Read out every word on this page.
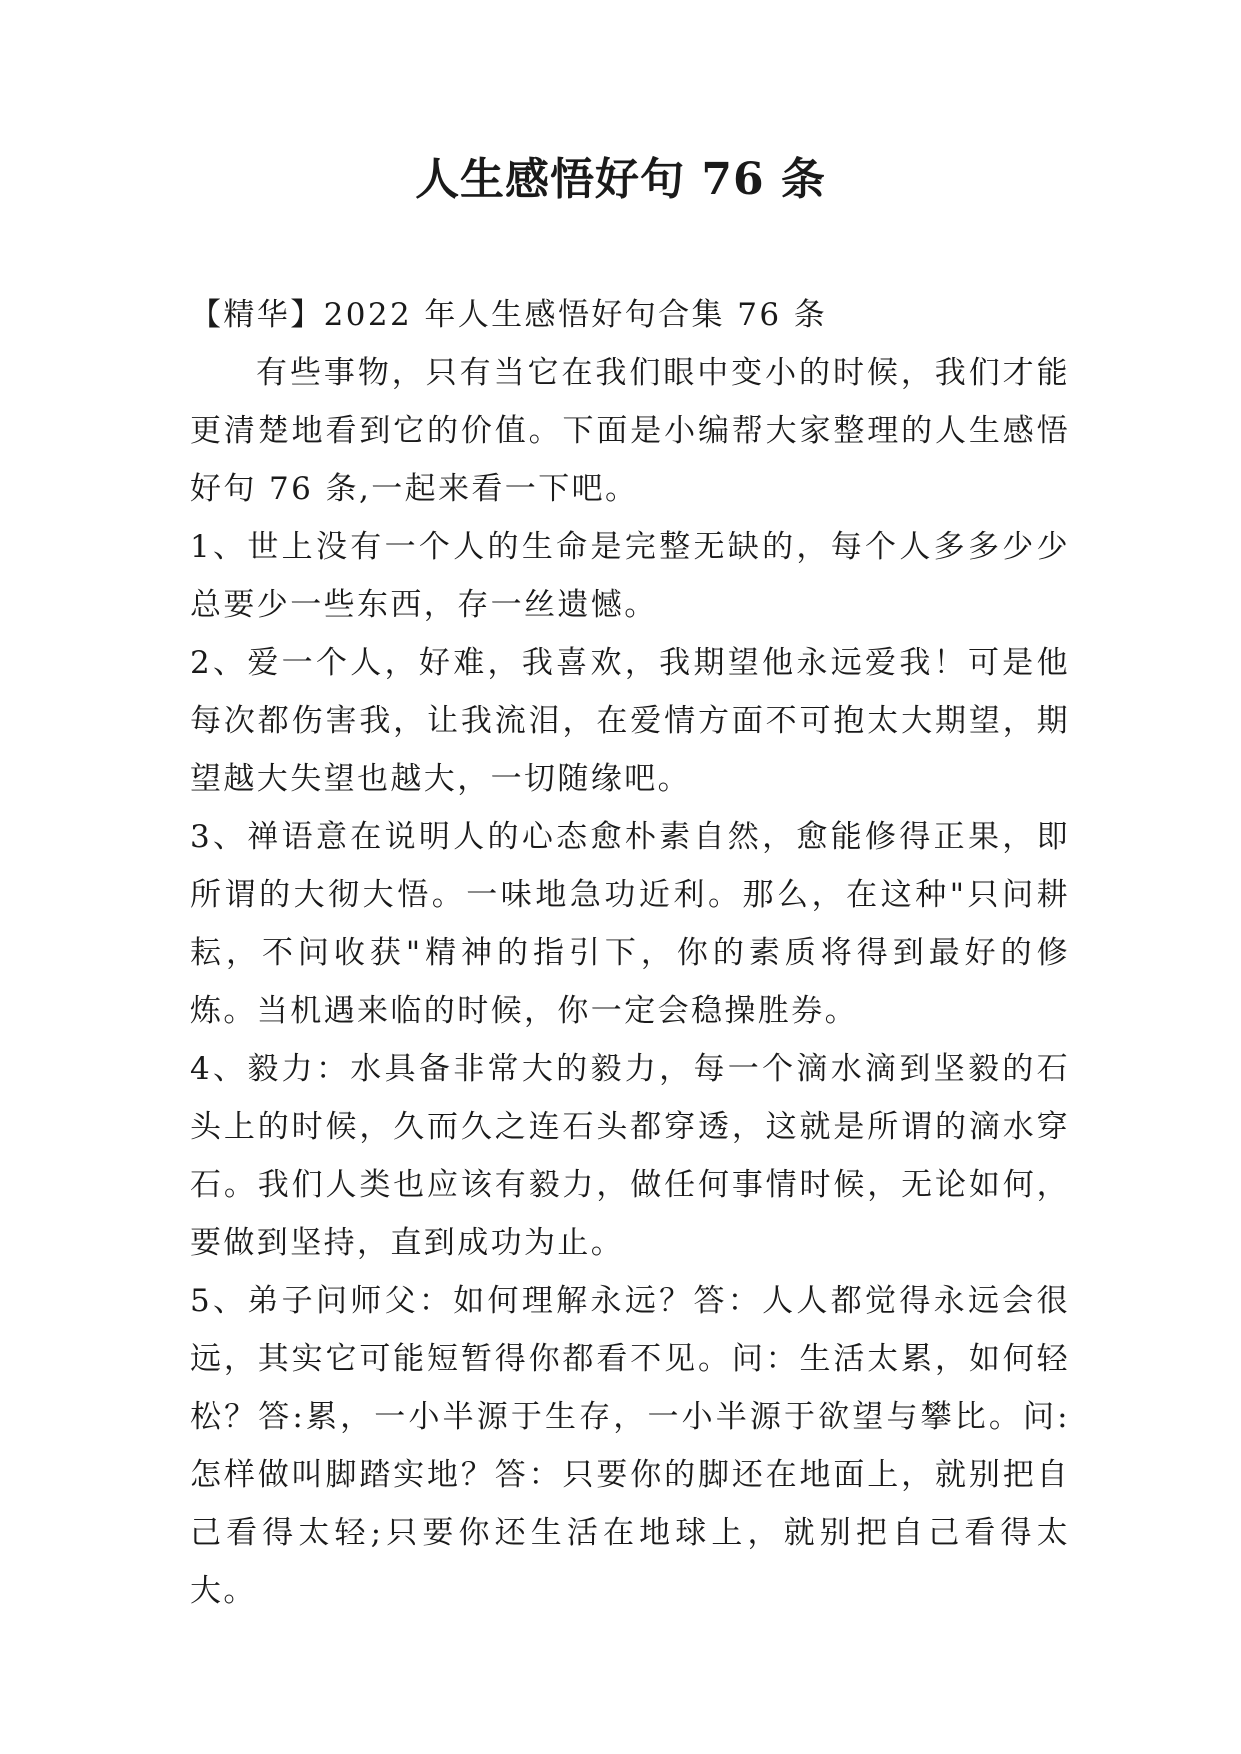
人生感悟好句 76 条

【精华】2022 年人生感悟好句合集 76 条

有些事物，只有当它在我们眼中变小的时候，我们才能更清楚地看到它的价值。下面是小编帮大家整理的人生感悟好句 76 条,一起来看一下吧。

1、世上没有一个人的生命是完整无缺的，每个人多多少少总要少一些东西，存一丝遗憾。

2、爱一个人，好难，我喜欢，我期望他永远爱我！可是他每次都伤害我，让我流泪，在爱情方面不可抱太大期望，期望越大失望也越大，一切随缘吧。

3、禅语意在说明人的心态愈朴素自然，愈能修得正果，即所谓的大彻大悟。一味地急功近利。那么，在这种"只问耕耘，不问收获"精神的指引下，你的素质将得到最好的修炼。当机遇来临的时候，你一定会稳操胜券。

4、毅力：水具备非常大的毅力，每一个滴水滴到坚毅的石头上的时候，久而久之连石头都穿透，这就是所谓的滴水穿石。我们人类也应该有毅力，做任何事情时候，无论如何，要做到坚持，直到成功为止。

5、弟子问师父：如何理解永远？答：人人都觉得永远会很远，其实它可能短暂得你都看不见。问：生活太累，如何轻松？答:累，一小半源于生存，一小半源于欲望与攀比。问:怎样做叫脚踏实地？答：只要你的脚还在地面上，就别把自己看得太轻;只要你还生活在地球上，就别把自己看得太大。
